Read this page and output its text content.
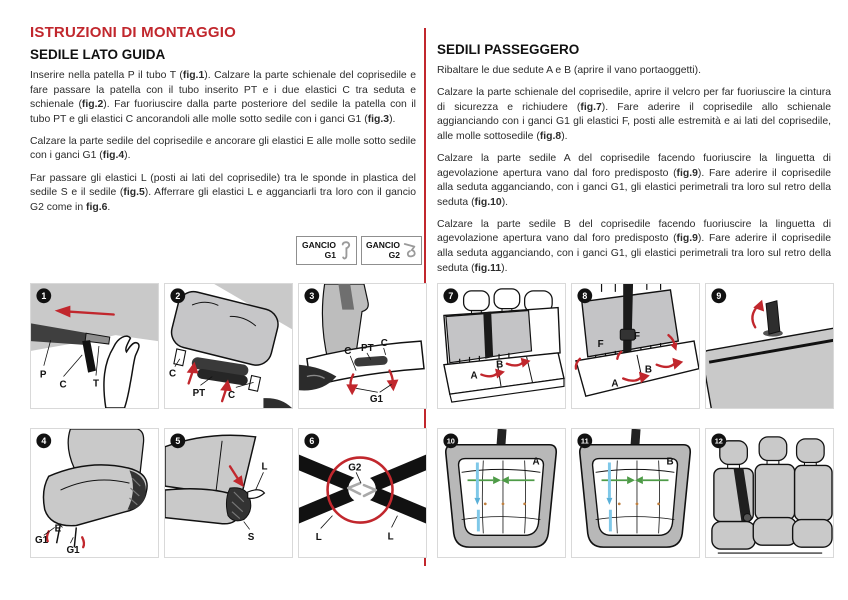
ISTRUZIONI DI MONTAGGIO
SEDILE LATO GUIDA

Inserire nella patella P il tubo T (fig.1). Calzare la parte schienale del coprisedile e fare passare la patella con il tubo inserito PT e i due elastici C tra seduta e schienale (fig.2). Far fuoriuscire dalla parte posteriore del sedile la patella con il tubo PT e gli elastici C ancorandoli alle molle sotto sedile con i ganci G1 (fig.3).

Calzare la parte sedile del coprisedile e ancorare gli elastici E alle molle sotto sedile con i ganci G1 (fig.4).

Far passare gli elastici L (posti ai lati del coprisedile) tra le sponde in plastica del sedile S e il sedile (fig.5). Afferrare gli elastici L e agganciarli tra loro con il gancio G2 come in fig.6.

GANCIO
G1
GANCIO
G2
SEDILI PASSEGGERO

Ribaltare le due sedute A e B (aprire il vano portaoggetti).

Calzare la parte schienale del coprisedile, aprire il velcro per far fuoriuscire la cintura di sicurezza e richiudere (fig.7). Fare aderire il coprisedile allo schienale aggianciando con i ganci G1 gli elastici F, posti alle estremità e ai lati del coprisedile, alle molle sottosedile (fig.8).

Calzare la parte sedile A del coprisedile facendo fuoriuscire la linguetta di agevolazione apertura vano dal foro predisposto (fig.9). Fare aderire il coprisedile alla seduta agganciando, con i ganci G1, gli elastici perimetrali tra loro sul retro della seduta (fig.10).

Calzare la parte sedile B del coprisedile facendo fuoriuscire la linguetta di agevolazione apertura vano dal foro predisposto (fig.9). Fare aderire il coprisedile alla seduta agganciando, con i ganci G1, gli elastici perimetrali tra loro sul retro della seduta (fig.11).

P
C	T
1
C
PT C
2
C PT C
G1
3
G1
E
G1
4
L
S
5
G2
L	L
6
A
B
7
F
F
A
B
8	9
A
10
B
11	12
